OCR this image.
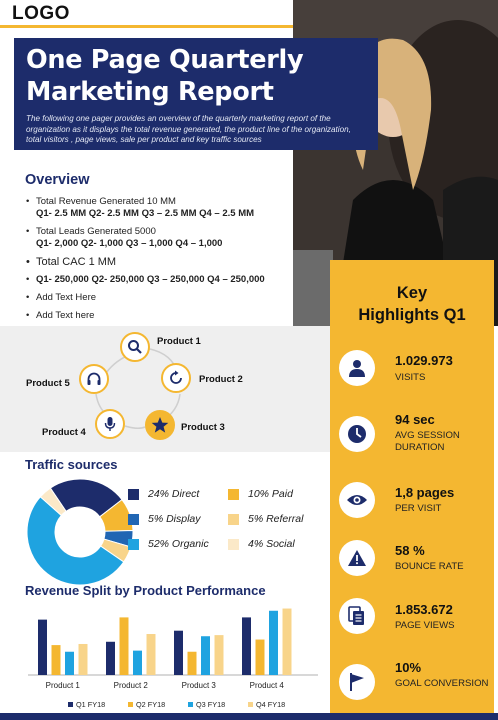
LOGO
One Page Quarterly
Marketing Report

The following one pager provides an overview of the quarterly marketing report of the organization as it displays the total revenue generated, the product line of the organization, total visitors , page views, sale per product and key traffic sources

Overview
• Total Revenue Generated 10 MM
Q1- 2.5 MM Q2- 2.5 MM Q3 – 2.5 MM Q4 – 2.5 MM
• Total Leads Generated 5000
Q1- 2,000 Q2- 1,000 Q3 – 1,000 Q4 – 1,000
• Total CAC 1 MM
• Q1- 250,000 Q2- 250,000 Q3 – 250,000 Q4 – 250,000
• Add Text Here
• Add Text here
Product 1
Product 2
Product 3
Product 4
Product 5
Traffic sources
24% Direct	10% Paid
5% Display	5% Referral
52% Organic	4% Social
Revenue Split by Product Performance
Product 1	Product 2	Product 3	Product 4
Q1 FY18	Q2 FY18	Q3 FY18	Q4 FY18
Key
Highlights Q1
1.029.973
VISITS
94 sec
AVG SESSION DURATION
1,8 pages
PER VISIT
58 %
BOUNCE RATE
1.853.672
PAGE VIEWS
10%
GOAL CONVERSION
